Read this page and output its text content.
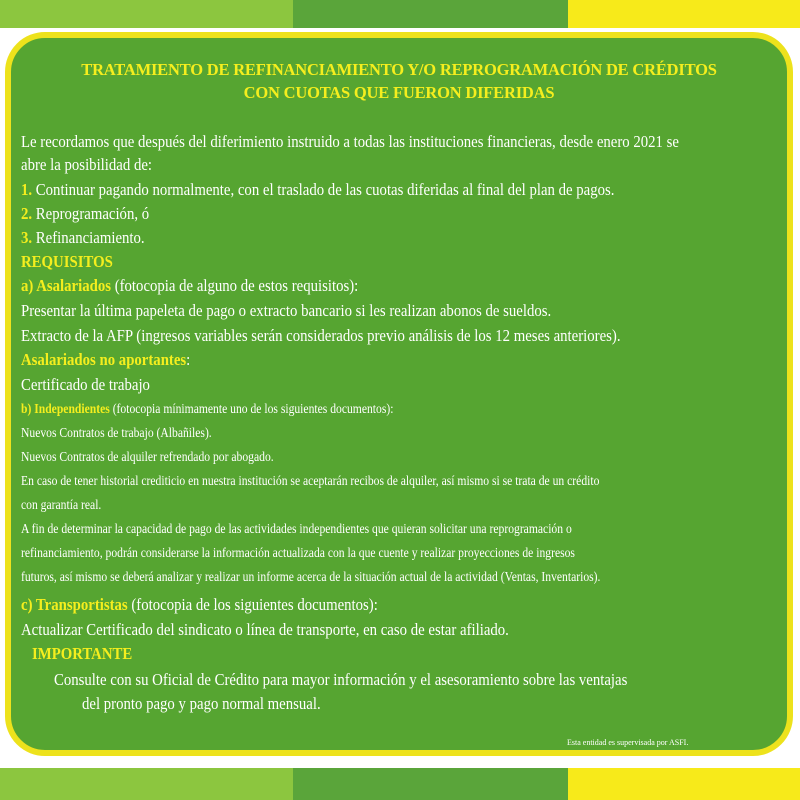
TRATAMIENTO DE REFINANCIAMIENTO Y/O REPROGRAMACIÓN DE CRÉDITOS
CON CUOTAS QUE FUERON DIFERIDAS
Le recordamos que después del diferimiento instruido a todas las instituciones financieras, desde enero 2021 se
abre la posibilidad de:
1. Continuar pagando normalmente, con el traslado de las cuotas diferidas al final del plan de pagos.
2. Reprogramación, ó
3. Refinanciamiento.
REQUISITOS
a) Asalariados (fotocopia de alguno de estos requisitos):
Presentar la última papeleta de pago o extracto bancario si les realizan abonos de sueldos.
Extracto de la AFP (ingresos variables serán considerados previo análisis de los 12 meses anteriores).
Asalariados no aportantes:
Certificado de trabajo
b) Independientes (fotocopia mínimamente uno de los siguientes documentos):
Nuevos Contratos de trabajo (Albañiles).
Nuevos Contratos de alquiler refrendado por abogado.
En caso de tener historial crediticio en nuestra institución se aceptarán recibos de alquiler, así mismo si se trata de un crédito
con garantía real.
A fin de determinar la capacidad de pago de las actividades independientes que quieran solicitar una reprogramación o
refinanciamiento, podrán considerarse la información actualizada con la que cuente y realizar proyecciones de ingresos
futuros, así mismo se deberá analizar y realizar un informe acerca de la situación actual de la actividad (Ventas, Inventarios).
c) Transportistas (fotocopia de los siguientes documentos):
Actualizar Certificado del sindicato o línea de transporte, en caso de estar afiliado.
IMPORTANTE
Consulte con su Oficial de Crédito para mayor información y el asesoramiento sobre las ventajas
del pronto pago y pago normal mensual.
Esta entidad es supervisada por ASFI.
